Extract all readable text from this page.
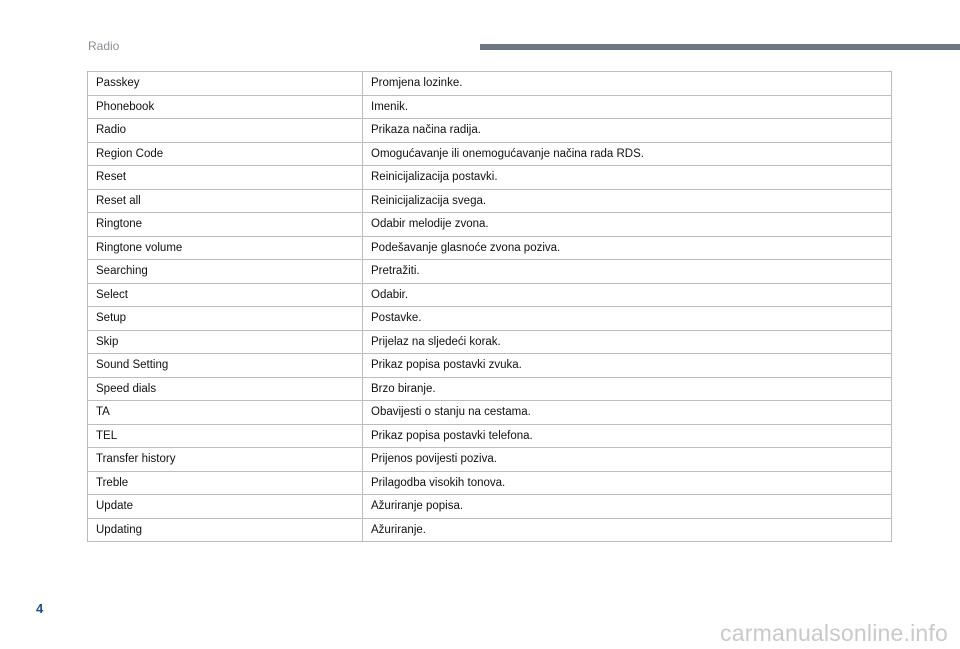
Radio
Passkey	Promjena lozinke.
Phonebook	Imenik.
Radio	Prikaza načina radija.
Region Code	Omogućavanje ili onemogućavanje načina rada RDS.
Reset	Reinicijalizacija postavki.
Reset all	Reinicijalizacija svega.
Ringtone	Odabir melodije zvona.
Ringtone volume	Podešavanje glasnoće zvona poziva.
Searching	Pretražiti.
Select	Odabir.
Setup	Postavke.
Skip	Prijelaz na sljedeći korak.
Sound Setting	Prikaz popisa postavki zvuka.
Speed dials	Brzo biranje.
TA	Obavijesti o stanju na cestama.
TEL	Prikaz popisa postavki telefona.
Transfer history	Prijenos povijesti poziva.
Treble	Prilagodba visokih tonova.
Update	Ažuriranje popisa.
Updating	Ažuriranje.
4
carmanualsonline.info
